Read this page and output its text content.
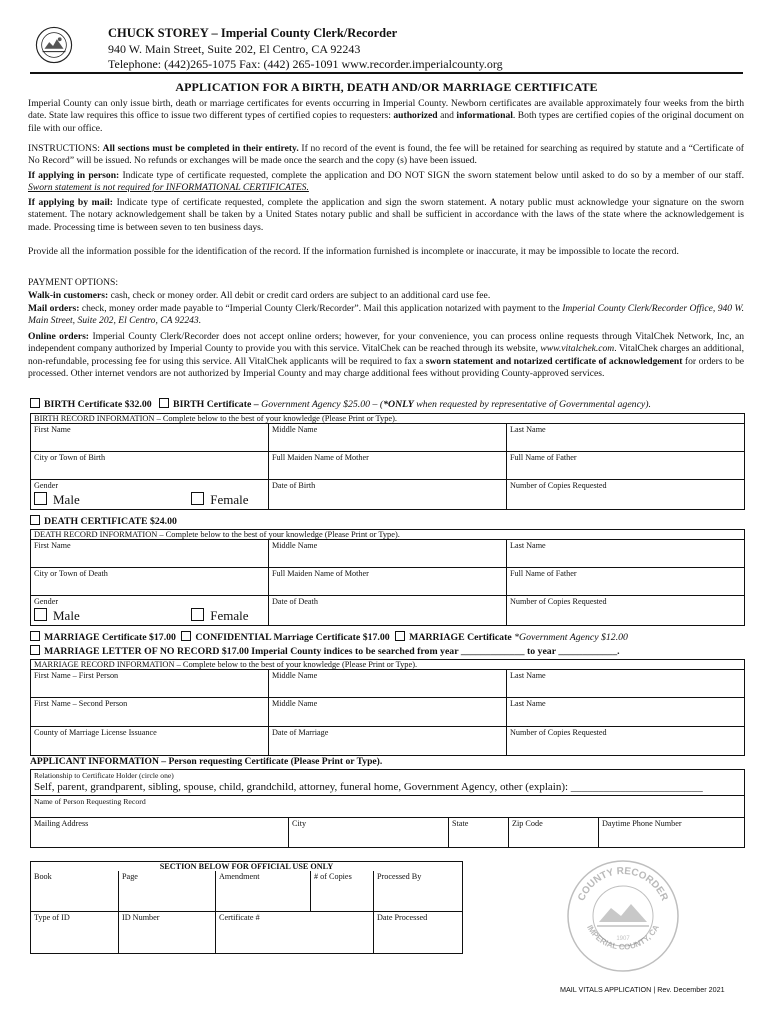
CHUCK STOREY – Imperial County Clerk/Recorder
940 W. Main Street, Suite 202, El Centro, CA 92243
Telephone: (442)265-1075 Fax: (442) 265-1091 www.recorder.imperialcounty.org
APPLICATION FOR A BIRTH, DEATH AND/OR MARRIAGE CERTIFICATE
Imperial County can only issue birth, death or marriage certificates for events occurring in Imperial County. Newborn certificates are available approximately four weeks from the birth date. State law requires this office to issue two different types of certified copies to requesters: authorized and informational. Both types are certified copies of the original document on file with our office.
INSTRUCTIONS: All sections must be completed in their entirety. If no record of the event is found, the fee will be retained for searching as required by statute and a “Certificate of No Record” will be issued. No refunds or exchanges will be made once the search and the copy (s) have been issued.
If applying in person: Indicate type of certificate requested, complete the application and DO NOT SIGN the sworn statement below until asked to do so by a member of our staff. Sworn statement is not required for INFORMATIONAL CERTIFICATES.
If applying by mail: Indicate type of certificate requested, complete the application and sign the sworn statement. A notary public must acknowledge your signature on the sworn statement. The notary acknowledgement shall be taken by a United States notary public and shall be sufficient in accordance with the laws of the state where the acknowledgement is made. Processing time is between seven to ten business days.
Provide all the information possible for the identification of the record. If the information furnished is incomplete or inaccurate, it may be impossible to locate the record.
PAYMENT OPTIONS:
Walk-in customers: cash, check or money order. All debit or credit card orders are subject to an additional card use fee.
Mail orders: check, money order made payable to “Imperial County Clerk/Recorder”. Mail this application notarized with payment to the Imperial County Clerk/Recorder Office, 940 W. Main Street, Suite 202, El Centro, CA 92243.
Online orders: Imperial County Clerk/Recorder does not accept online orders; however, for your convenience, you can process online requests through VitalChek Network, Inc, an independent company authorized by Imperial County to provide you with this service. VitalChek can be reached through its website, www.vitalchek.com. VitalChek charges an additional, non-refundable, processing fee for using this service. All VitalChek applicants will be required to fax a sworn statement and notarized certificate of acknowledgement for orders to be processed. Other internet vendors are not authorized by Imperial County and may charge additional fees without providing County-approved services.
BIRTH Certificate $32.00 BIRTH Certificate – Government Agency $25.00 – (*ONLY when requested by representative of Governmental agency).
BIRTH RECORD INFORMATION – Complete below to the best of your knowledge (Please Print or Type).		
First Name	Middle Name	Last Name
City or Town of Birth	Full Maiden Name of Mother	Full Name of Father
Gender

Male Female	Date of Birth	Number of Copies Requested
DEATH CERTIFICATE $24.00
DEATH RECORD INFORMATION – Complete below to the best of your knowledge (Please Print or Type).		
First Name	Middle Name	Last Name
City or Town of Death	Full Maiden Name of Mother	Full Name of Father
Gender

Male Female	Date of Death	Number of Copies Requested
MARRIAGE Certificate $17.00 CONFIDENTIAL Marriage Certificate $17.00 MARRIAGE Certificate *Government Agency $12.00
MARRIAGE LETTER OF NO RECORD $17.00 Imperial County indices to be searched from year _____________ to year ____________.
MARRIAGE RECORD INFORMATION – Complete below to the best of your knowledge (Please Print or Type).		
First Name – First Person	Middle Name	Last Name
First Name – Second Person	Middle Name	Last Name
County of Marriage License Issuance	Date of Marriage	Number of Copies Requested
APPLICANT INFORMATION – Person requesting Certificate (Please Print or Type).
Relationship to Certificate Holder (circle one)
Self, parent, grandparent, sibling, spouse, child, grandchild, attorney, funeral home, Government Agency, other (explain): ________________________

Name of Person Requesting Record
Mailing Address	City	State	Zip Code	Daytime Phone Number
SECTION BELOW FOR OFFICIAL USE ONLY				
Book	Page	Amendment	# of Copies	Processed By
Type of ID	ID Number	Certificate #		Date Processed
COUNTY RECORDER
IMPERIAL COUNTY, CA
1907
MAIL VITALS APPLICATION | Rev. December 2021
